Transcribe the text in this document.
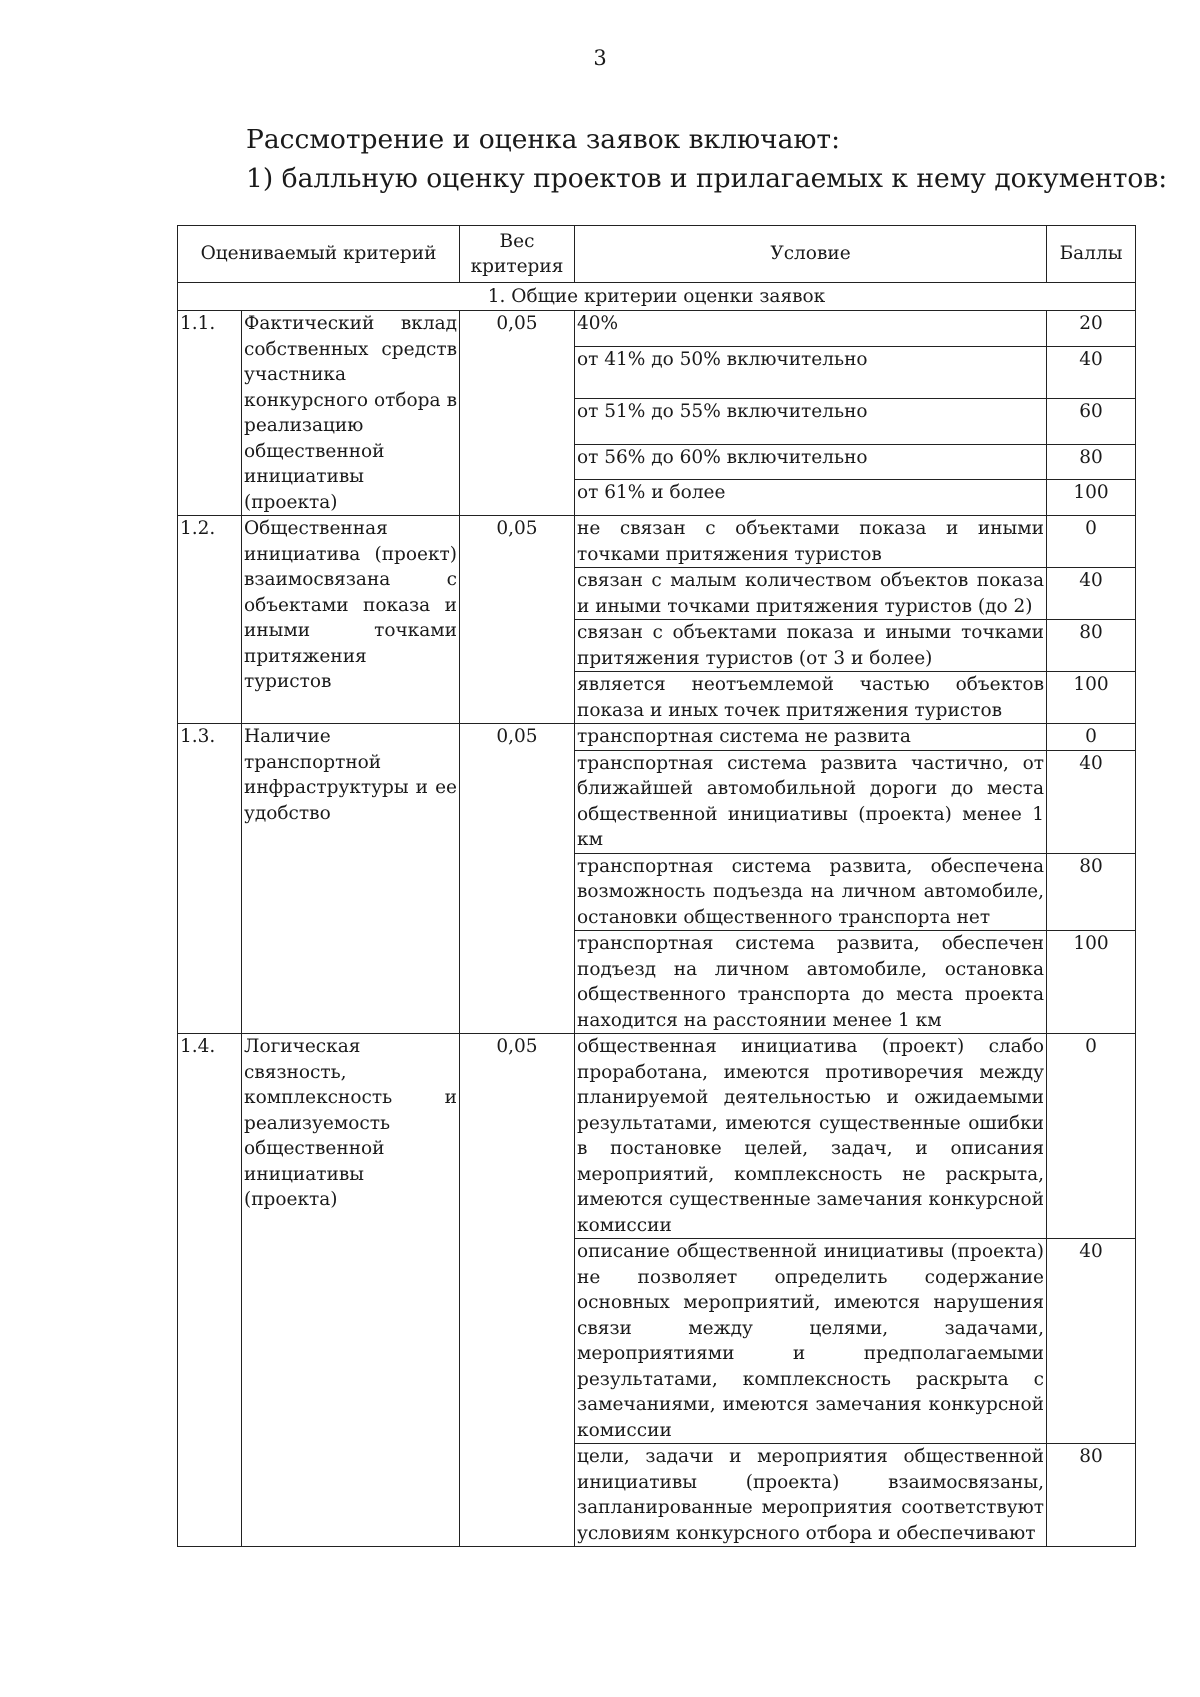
3
Рассмотрение и оценка заявок включают:
1) балльную оценку проектов и прилагаемых к нему документов:
Оцениваемый критерий		Вес критерия	Условие	Баллы
1. Общие критерии оценки заявок				
1.1.	Фактический вклад собственных средств участника конкурсного отбора в реализацию общественной инициативы (проекта)	0,05	40%	20
			от 41% до 50% включительно	40
			от 51% до 55% включительно	60
			от 56% до 60% включительно	80
			от 61% и более	100
1.2.	Общественная инициатива (проект) взаимосвязана с объектами показа и иными точками притяжения туристов	0,05	не связан с объектами показа и иными точками притяжения туристов	0
			связан с малым количеством объектов показа и иными точками притяжения туристов (до 2)	40
			связан с объектами показа и иными точками притяжения туристов (от 3 и более)	80
			является неотъемлемой частью объектов показа и иных точек притяжения туристов	100
1.3.	Наличие транспортной инфраструктуры и ее удобство	0,05	транспортная система не развита	0
			транспортная система развита частично, от ближайшей автомобильной дороги до места общественной инициативы (проекта) менее 1 км	40
			транспортная система развита, обеспечена возможность подъезда на личном автомобиле, остановки общественного транспорта нет	80
			транспортная система развита, обеспечен подъезд на личном автомобиле, остановка общественного транспорта до места проекта находится на расстоянии менее 1 км	100
1.4.	Логическая связность, комплексность и реализуемость общественной инициативы (проекта)	0,05	общественная инициатива (проект) слабо проработана, имеются противоречия между планируемой деятельностью и ожидаемыми результатами, имеются существенные ошибки в постановке целей, задач, и описания мероприятий, комплексность не раскрыта, имеются существенные замечания конкурсной комиссии	0
			описание общественной инициативы (проекта) не позволяет определить содержание основных мероприятий, имеются нарушения связи между целями, задачами, мероприятиями и предполагаемыми результатами, комплексность раскрыта с замечаниями, имеются замечания конкурсной комиссии	40
			цели, задачи и мероприятия общественной инициативы (проекта) взаимосвязаны, запланированные мероприятия соответствуют условиям конкурсного отбора и обеспечивают	80
